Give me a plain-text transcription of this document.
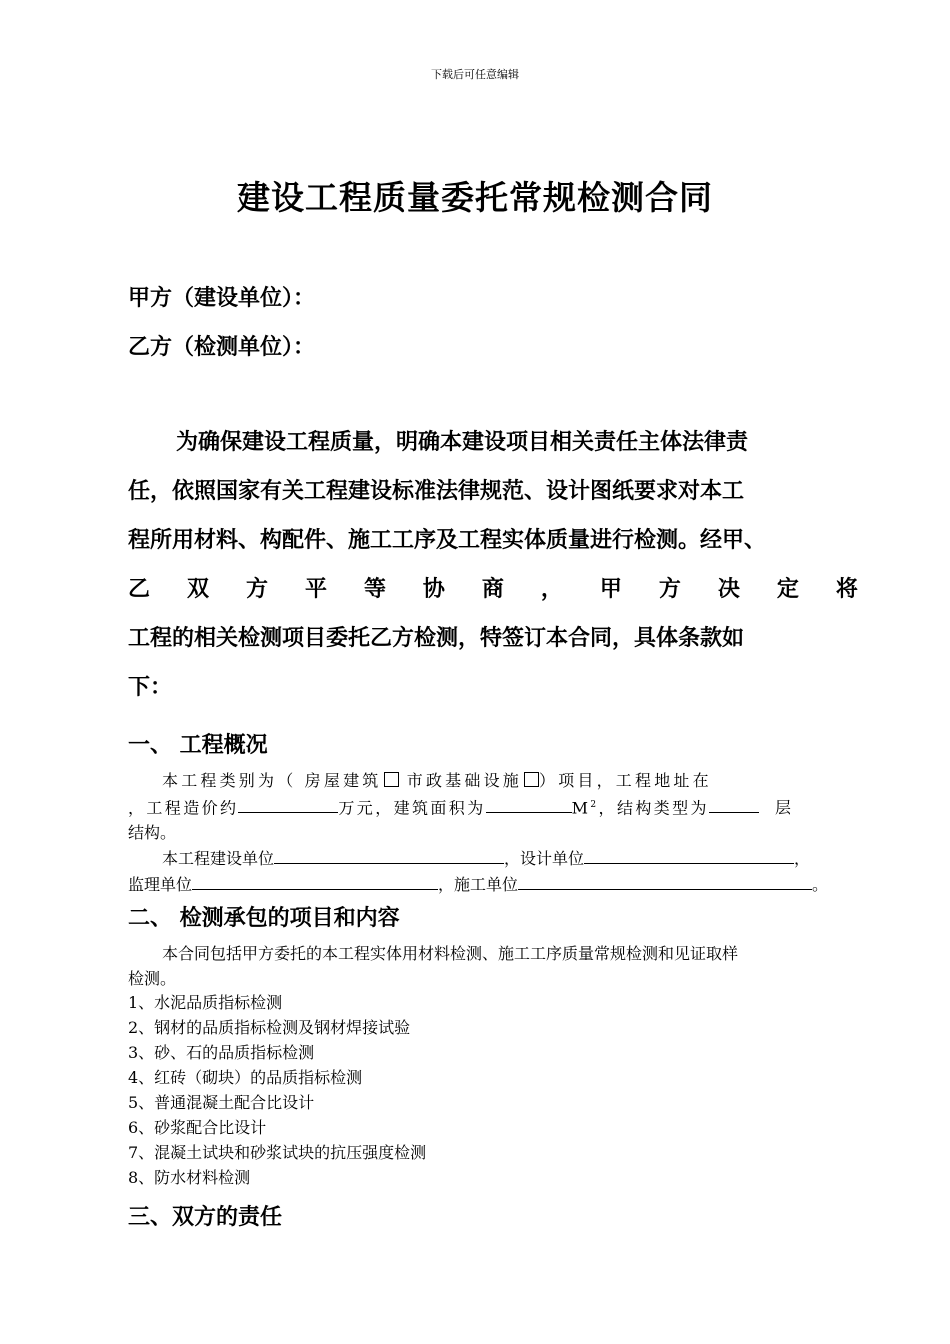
下载后可任意编辑
建设工程质量委托常规检测合同
甲方（建设单位）：
乙方（检测单位）：
为确保建设工程质量，明确本建设项目相关责任主体法律责
任，依照国家有关工程建设标准法律规范、设计图纸要求对本工
程所用材料、构配件、施工工序及工程实体质量进行检测。经甲、
乙 双 方 平 等 协 商 ， 甲 方 决 定 将
工程的相关检测项目委托乙方检测，特签订本合同，具体条款如
下：
一、 工程概况
本工程类别为（ 房屋建筑 市政基础设施 ）项目，工程地址在
，工程造价约	万元，建筑面积为	$M^2$，结构类型为	层
结构。
本工程建设单位	，设计单位	，
监理单位	，施工单位	。
二、 检测承包的项目和内容
本合同包括甲方委托的本工程实体用材料检测、施工工序质量常规检测和见证取样
检测。
1、水泥品质指标检测
2、钢材的品质指标检测及钢材焊接试验
3、砂、石的品质指标检测
4、红砖（砌块）的品质指标检测
5、普通混凝土配合比设计
6、砂浆配合比设计
7、混凝土试块和砂浆试块的抗压强度检测
8、防水材料检测
三、双方的责任
